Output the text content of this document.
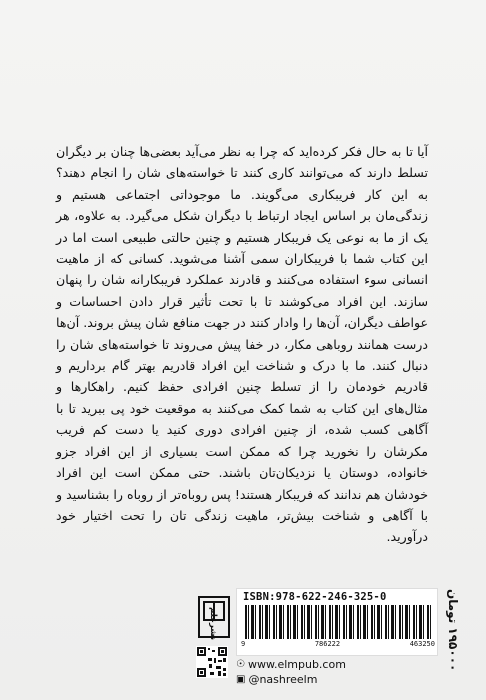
آیا تا به حال فکر کرده‌اید که چرا به نظر می‌آید بعضی‌ها چنان بر دیگران تسلط دارند که می‌توانند کاری کنند تا خواسته‌های شان را انجام دهند؟ به این کار فریبکاری می‌گویند. ما موجوداتی اجتماعی هستیم و زندگی‌مان بر اساس ایجاد ارتباط با دیگران شکل می‌گیرد. به علاوه، هر یک از ما به نوعی یک فریبکار هستیم و چنین حالتی طبیعی است اما در این کتاب شما با فریبکاران سمی آشنا می‌شوید. کسانی که از ماهیت انسانی سوء استفاده می‌کنند و قادرند عملکرد فریبکارانه شان را پنهان سازند. این افراد می‌کوشند تا با تحت تأثیر قرار دادن احساسات و عواطف دیگران، آن‌ها را وادار کنند در جهت منافع شان پیش بروند. آن‌ها درست همانند روباهی مکار، در خفا پیش می‌روند تا خواسته‌های شان را دنبال کنند. ما با درک و شناخت این افراد قادریم بهتر گام برداریم و قادریم خودمان را از تسلط چنین افرادی حفظ کنیم. راهکارها و مثال‌های این کتاب به شما کمک می‌کنند به موقعیت خود پی ببرید تا با آگاهی کسب شده، از چنین افرادی دوری کنید یا دست کم فریب مکرشان را نخورید چرا که ممکن است بسیاری از این افراد جزو خانواده، دوستان یا نزدیکان‌تان باشند. حتی ممکن است این افراد خودشان هم ندانند که فریبکار هستند! پس روباه‌تر از روباه را بشناسید و با آگاهی و شناخت بیش‌تر، ماهیت زندگی تان را تحت اختیار خود درآورید.

نشرعلم
ISBN:978-622-246-325-0
9	786222	463250
۱۹۵۰۰۰ تومان
☉ www.elmpub.com
▣ @nashreelm
